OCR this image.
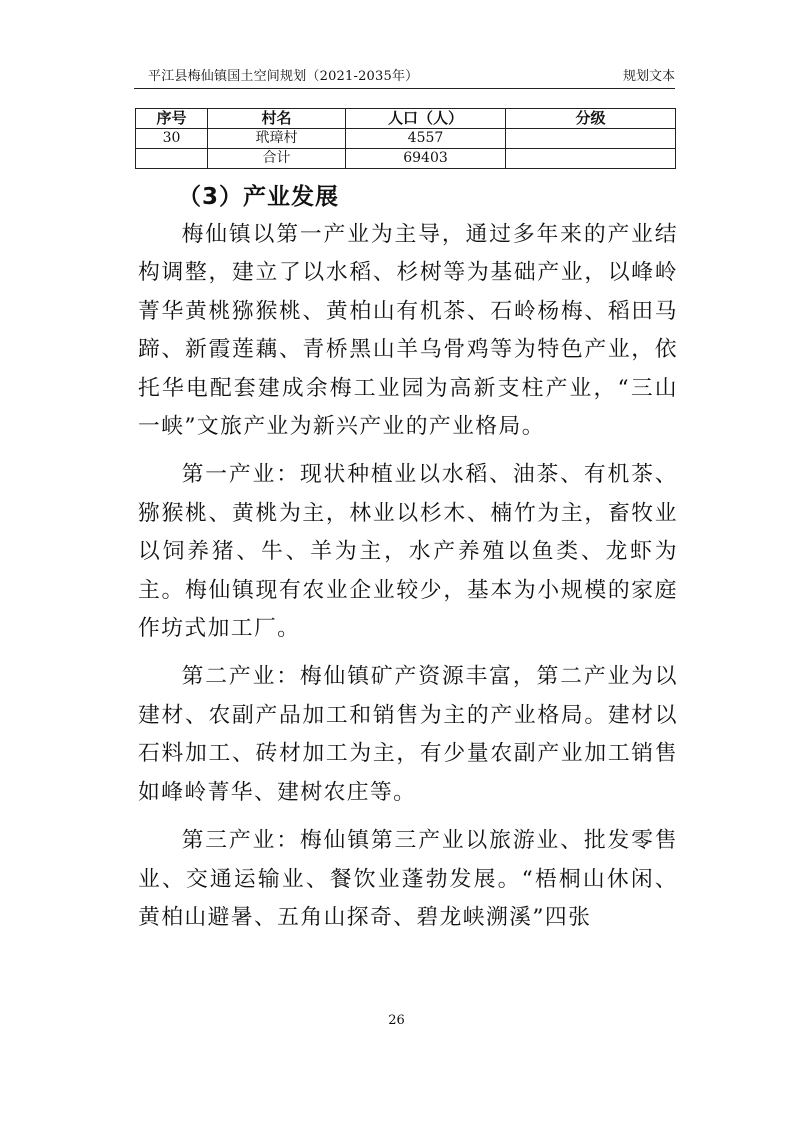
平江县梅仙镇国土空间规划（2021-2035年）	规划文本
序号	村名	人口（人）	分级
30	玳璋村	4557	
	合计	69403	
（3）产业发展

梅仙镇以第一产业为主导，通过多年来的产业结构调整，建立了以水稻、杉树等为基础产业，以峰岭菁华黄桃猕猴桃、黄柏山有机茶、石岭杨梅、稻田马蹄、新霞莲藕、青桥黑山羊乌骨鸡等为特色产业，依托华电配套建成余梅工业园为高新支柱产业，“三山一峡”文旅产业为新兴产业的产业格局。

第一产业：现状种植业以水稻、油茶、有机茶、猕猴桃、黄桃为主，林业以杉木、楠竹为主，畜牧业以饲养猪、牛、羊为主，水产养殖以鱼类、龙虾为主。梅仙镇现有农业企业较少，基本为小规模的家庭作坊式加工厂。

第二产业：梅仙镇矿产资源丰富，第二产业为以建材、农副产品加工和销售为主的产业格局。建材以石料加工、砖材加工为主，有少量农副产业加工销售如峰岭菁华、建树农庄等。

第三产业：梅仙镇第三产业以旅游业、批发零售业、交通运输业、餐饮业蓬勃发展。“梧桐山休闲、黄柏山避暑、五角山探奇、碧龙峡溯溪”四张

26
